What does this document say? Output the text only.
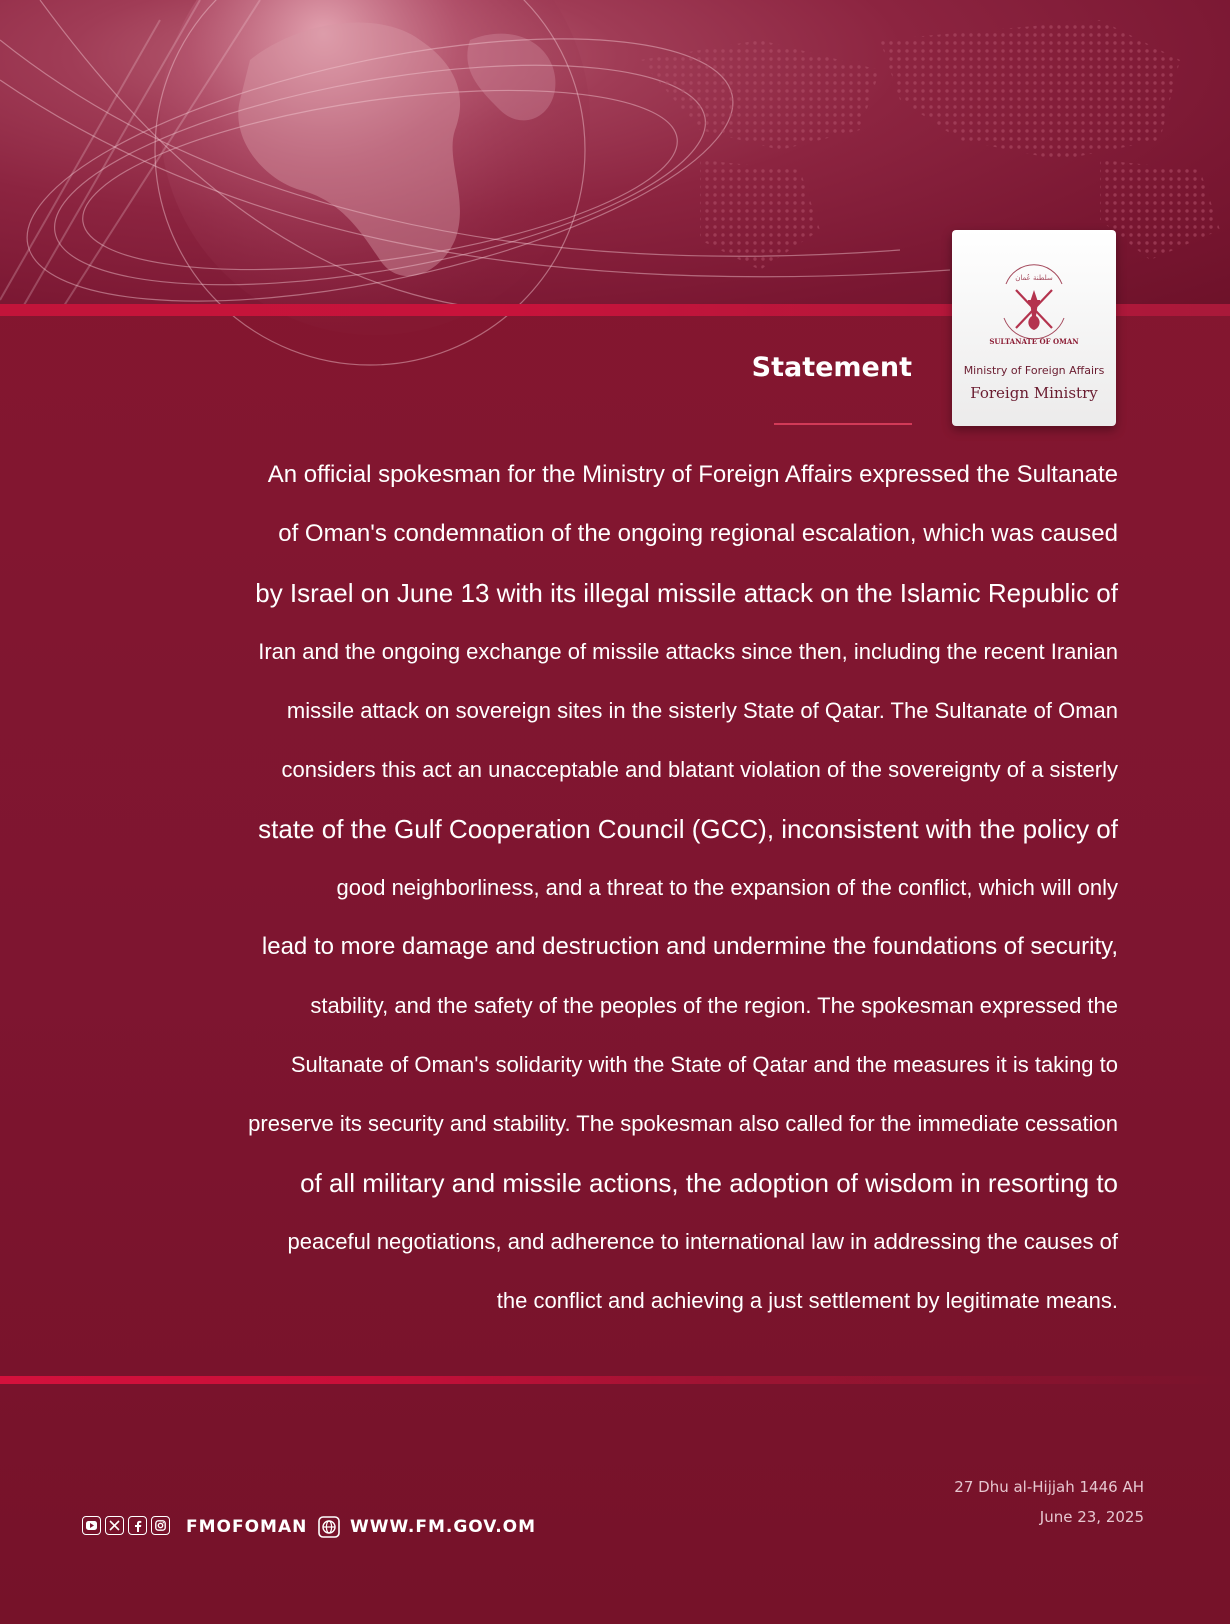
سلطنة عُمان
SULTANATE OF OMAN
Ministry of Foreign Affairs
Foreign Ministry
Statement
An official spokesman for the Ministry of Foreign Affairs expressed the Sultanate
of Oman's condemnation of the ongoing regional escalation, which was caused
by Israel on June 13 with its illegal missile attack on the Islamic Republic of
Iran and the ongoing exchange of missile attacks since then, including the recent Iranian
missile attack on sovereign sites in the sisterly State of Qatar. The Sultanate of Oman
considers this act an unacceptable and blatant violation of the sovereignty of a sisterly
state of the Gulf Cooperation Council (GCC), inconsistent with the policy of
good neighborliness, and a threat to the expansion of the conflict, which will only
lead to more damage and destruction and undermine the foundations of security,
stability, and the safety of the peoples of the region. The spokesman expressed the
Sultanate of Oman's solidarity with the State of Qatar and the measures it is taking to
preserve its security and stability. The spokesman also called for the immediate cessation
of all military and missile actions, the adoption of wisdom in resorting to
peaceful negotiations, and adherence to international law in addressing the causes of
the conflict and achieving a just settlement by legitimate means.
FMOFOMAN	WWW.FM.GOV.OM
27 Dhu al-Hijjah 1446 AH
June 23, 2025
